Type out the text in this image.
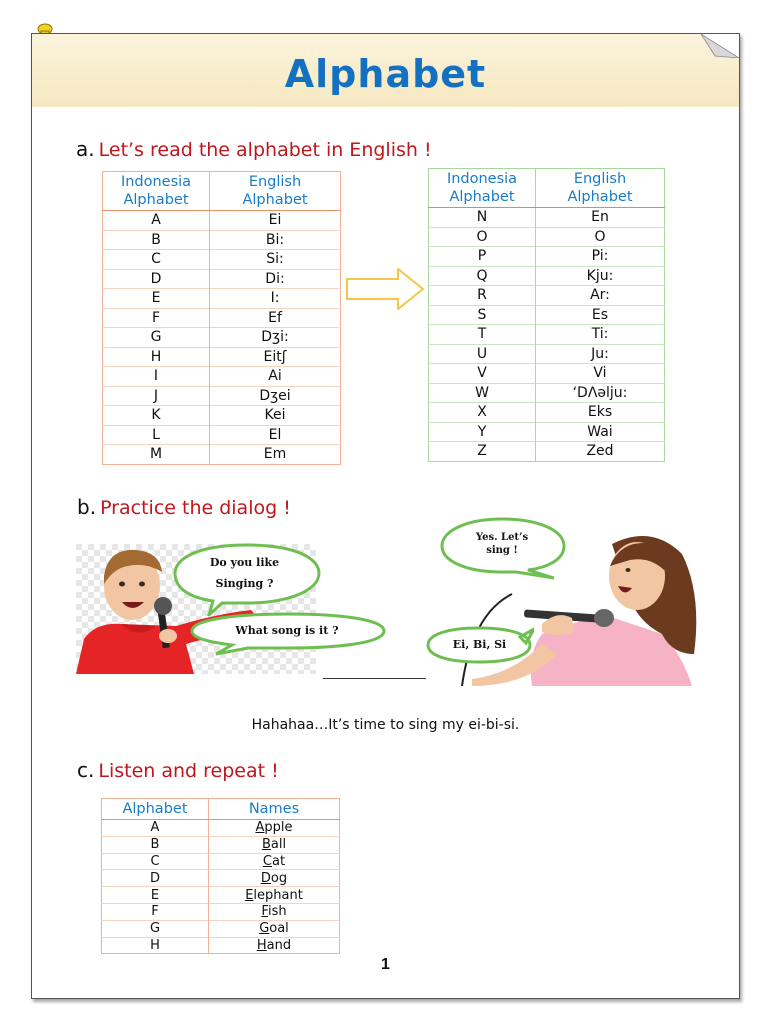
Alphabet
a. Let’s read the alphabet in English !
Indonesia
Alphabet	English
Alphabet
A	Ei
B	Bi:
C	Si:
D	Di:
E	I:
F	Ef
G	Dʒi:
H	Eitʃ
I	Ai
J	Dʒei
K	Kei
L	El
M	Em
Indonesia
Alphabet	English
Alphabet
N	En
O	O
P	Pi:
Q	Kju:
R	Ar:
S	Es
T	Ti:
U	Ju:
V	Vi
W	‘DΛəlju:
X	Eks
Y	Wai
Z	Zed
b. Practice the dialog !
Do you like
Singing ?
What song is it ?
Yes. Let’s
sing !
Ei, Bi, Si
Hahahaa…It’s time to sing my ei-bi-si.
c. Listen and repeat !
Alphabet	Names
A	Apple
B	Ball
C	Cat
D	Dog
E	Elephant
F	Fish
G	Goal
H	Hand
1
